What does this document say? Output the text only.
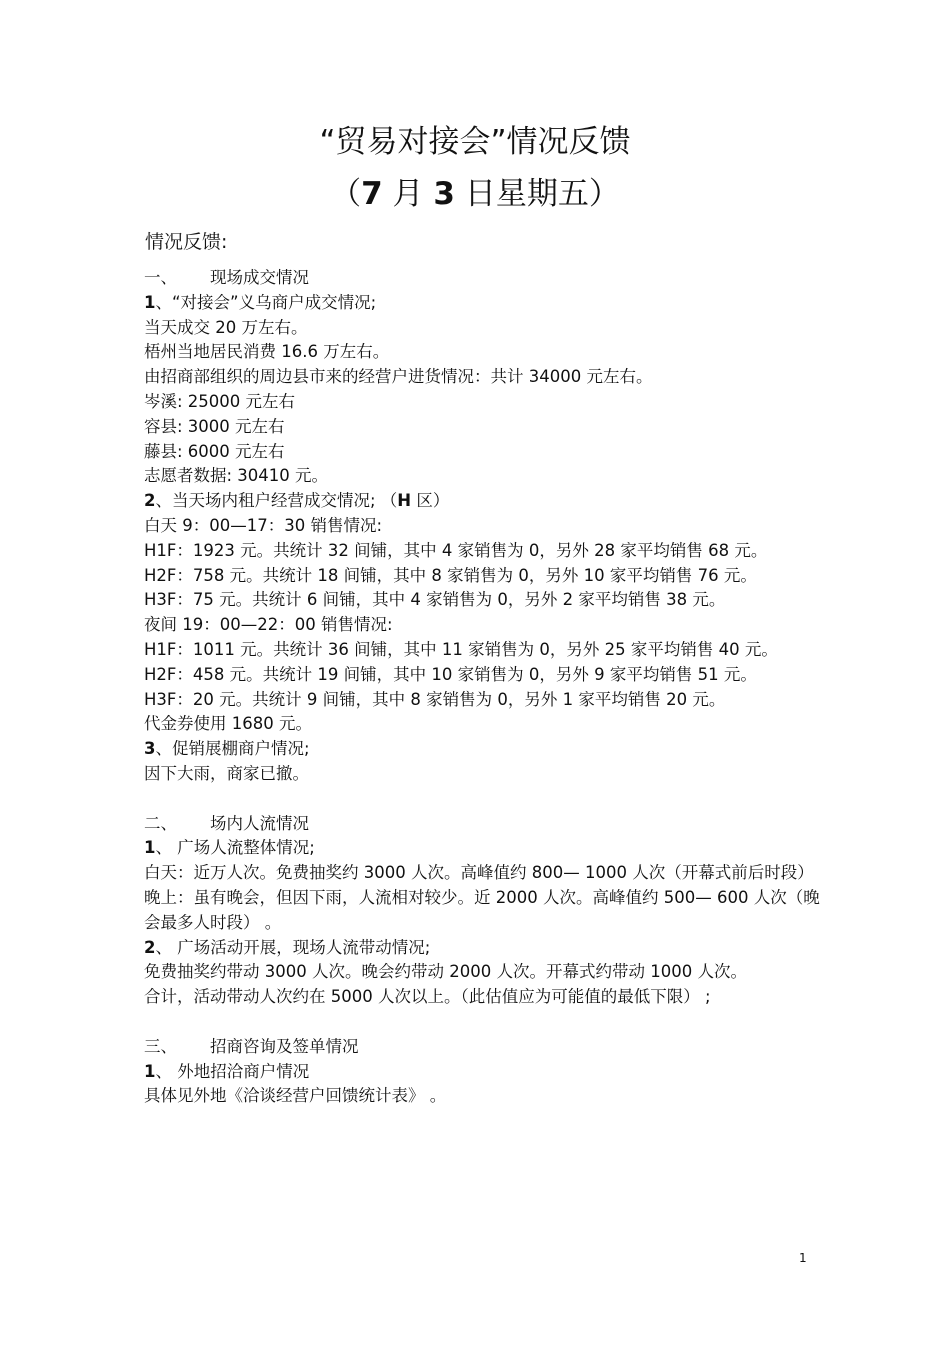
“贸易对接会”情况反馈
（7 月 3 日星期五）
情况反馈:
一、 现场成交情况
1、“对接会”义乌商户成交情况;
当天成交 20 万左右。
梧州当地居民消费 16.6 万左右。
由招商部组织的周边县市来的经营户进货情况：共计 34000 元左右。
岑溪: 25000 元左右
容县: 3000 元左右
藤县: 6000 元左右
志愿者数据: 30410 元。
2、当天场内租户经营成交情况; （H 区）
白天 9：00—17：30 销售情况:
H1F：1923 元。共统计 32 间铺，其中 4 家销售为 0，另外 28 家平均销售 68 元。
H2F：758 元。共统计 18 间铺，其中 8 家销售为 0，另外 10 家平均销售 76 元。
H3F：75 元。共统计 6 间铺，其中 4 家销售为 0，另外 2 家平均销售 38 元。
夜间 19：00—22：00 销售情况:
H1F：1011 元。共统计 36 间铺，其中 11 家销售为 0，另外 25 家平均销售 40 元。
H2F：458 元。共统计 19 间铺，其中 10 家销售为 0，另外 9 家平均销售 51 元。
H3F：20 元。共统计 9 间铺，其中 8 家销售为 0，另外 1 家平均销售 20 元。
代金券使用 1680 元。
3、促销展棚商户情况;
因下大雨，商家已撤。
二、 场内人流情况
1、 广场人流整体情况;
白天：近万人次。免费抽奖约 3000 人次。高峰值约 800— 1000 人次（开幕式前后时段）
晚上：虽有晚会，但因下雨，人流相对较少。近 2000 人次。高峰值约 500— 600 人次（晚会最多人时段） 。
2、 广场活动开展，现场人流带动情况;
免费抽奖约带动 3000 人次。晚会约带动 2000 人次。开幕式约带动 1000 人次。
合计，活动带动人次约在 5000 人次以上。（此估值应为可能值的最低下限） ;
三、 招商咨询及签单情况
1、 外地招洽商户情况
具体见外地《洽谈经营户回馈统计表》 。
1
